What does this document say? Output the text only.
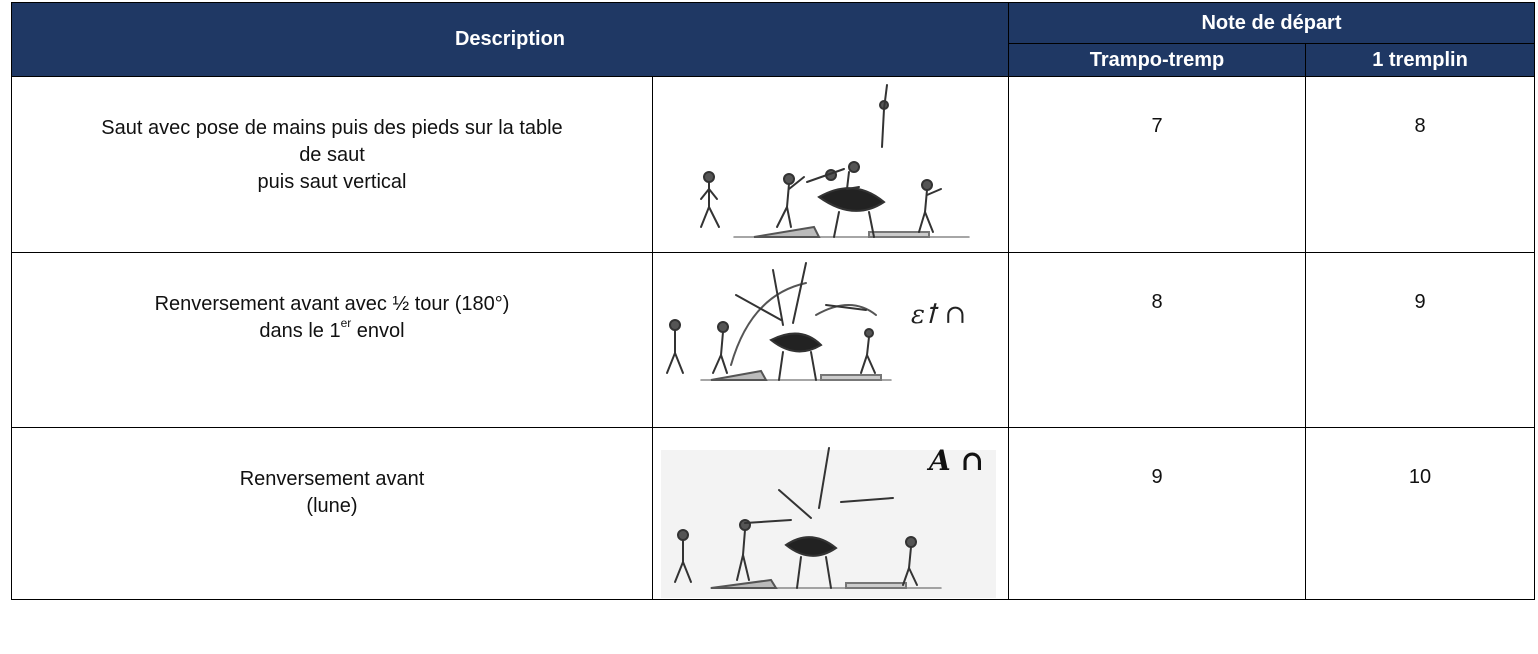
Description		Note de départ	
		Trampo-tremp	1 tremplin

Saut avec pose de mains puis des pieds sur la table
de saut
puis saut vertical		7	8

Renversement avant avec ½ tour (180°)
dans le 1er envol	ɛꝉ ∩	8	9

Renversement avant
(lune)	A ∩	9	10
